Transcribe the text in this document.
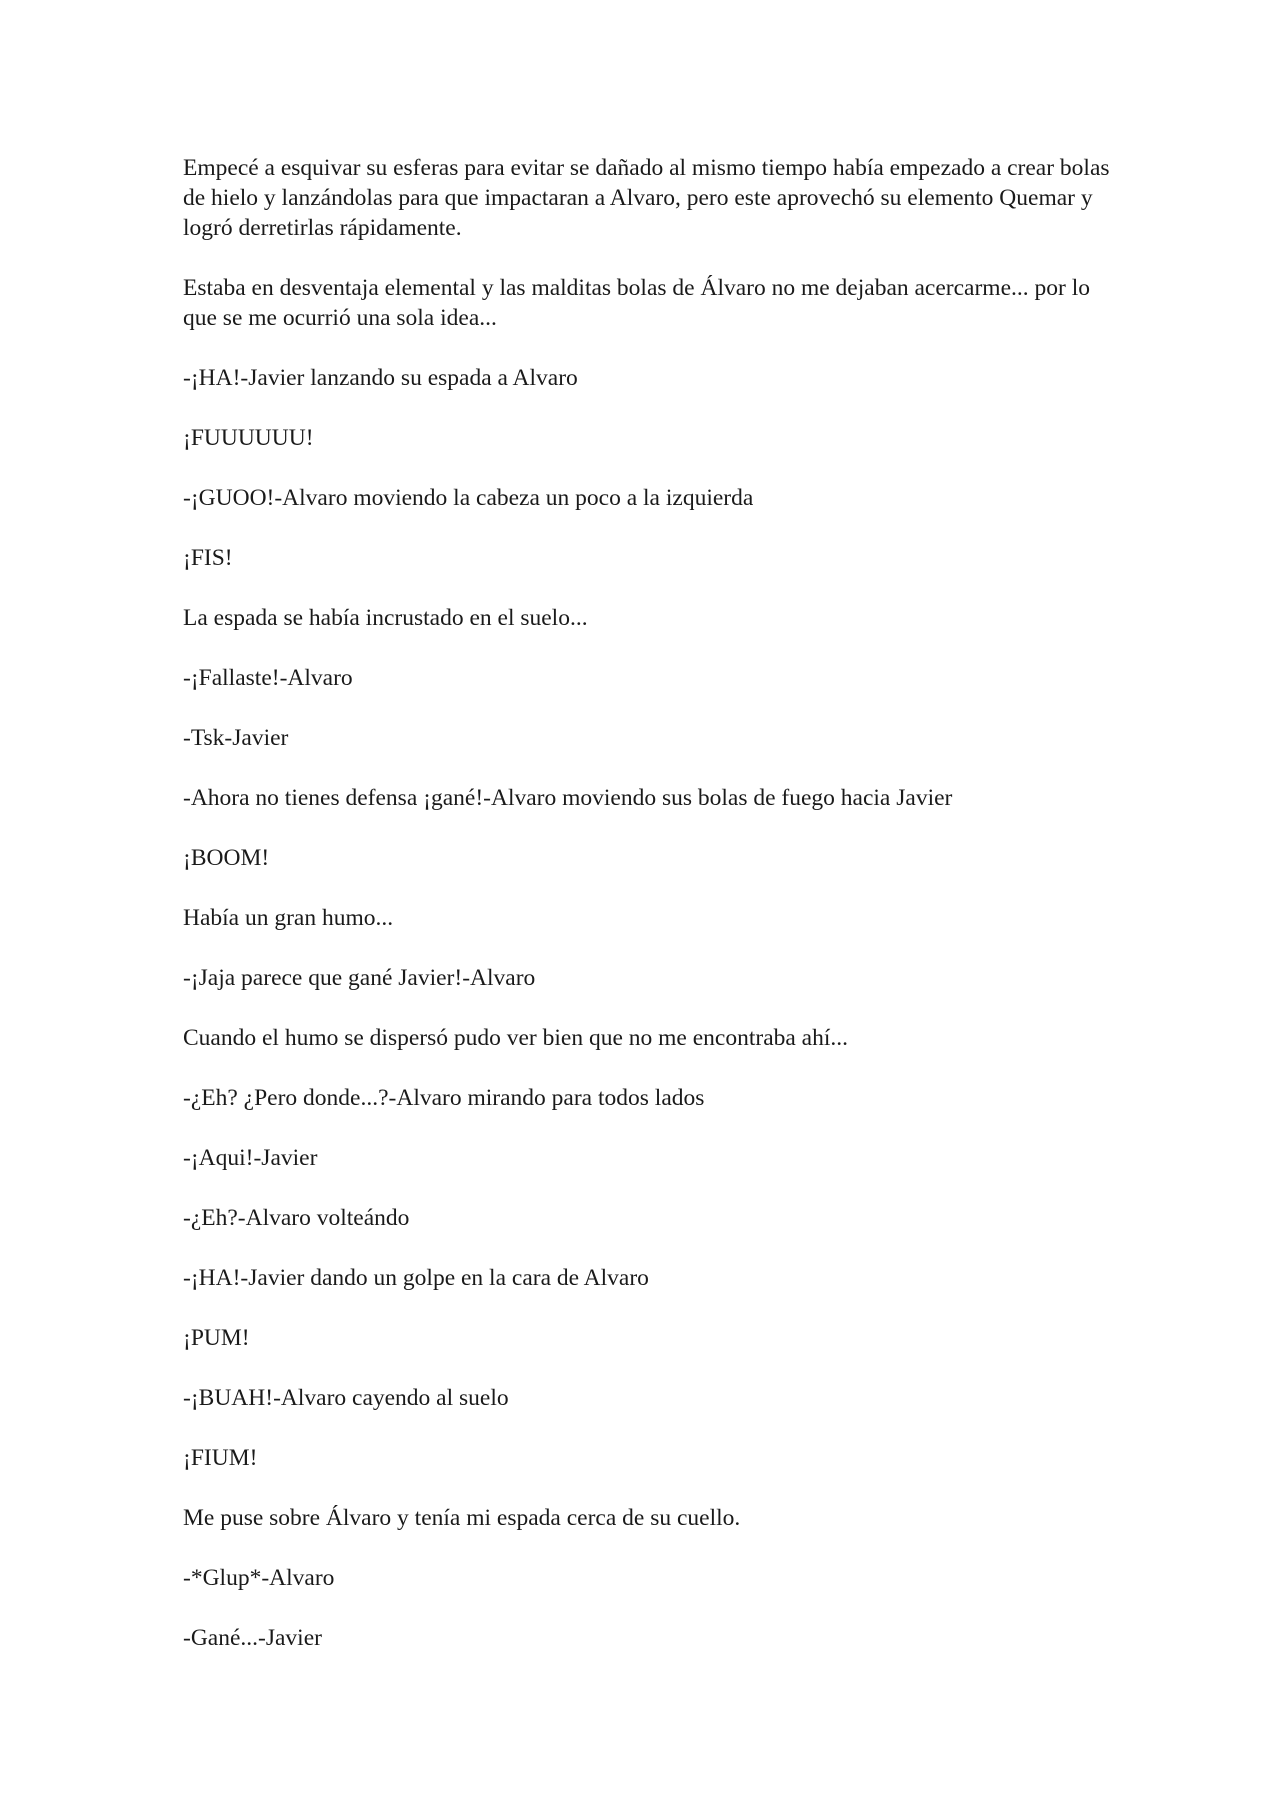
Empecé a esquivar su esferas para evitar se dañado al mismo tiempo había empezado a crear bolas de hielo y lanzándolas para que impactaran a Alvaro, pero este aprovechó su elemento Quemar y logró derretirlas rápidamente.

Estaba en desventaja elemental y las malditas bolas de Álvaro no me dejaban acercarme... por lo que se me ocurrió una sola idea...

-¡HA!-Javier lanzando su espada a Alvaro

¡FUUUUUU!

-¡GUOO!-Alvaro moviendo la cabeza un poco a la izquierda

¡FIS!

La espada se había incrustado en el suelo...

-¡Fallaste!-Alvaro

-Tsk-Javier

-Ahora no tienes defensa ¡gané!-Alvaro moviendo sus bolas de fuego hacia Javier

¡BOOM!

Había un gran humo...

-¡Jaja parece que gané Javier!-Alvaro

Cuando el humo se dispersó pudo ver bien que no me encontraba ahí...

-¿Eh? ¿Pero donde...?-Alvaro mirando para todos lados

-¡Aqui!-Javier

-¿Eh?-Alvaro volteándo

-¡HA!-Javier dando un golpe en la cara de Alvaro

¡PUM!

-¡BUAH!-Alvaro cayendo al suelo

¡FIUM!

Me puse sobre Álvaro y tenía mi espada cerca de su cuello.

-*Glup*-Alvaro

-Gané...-Javier
